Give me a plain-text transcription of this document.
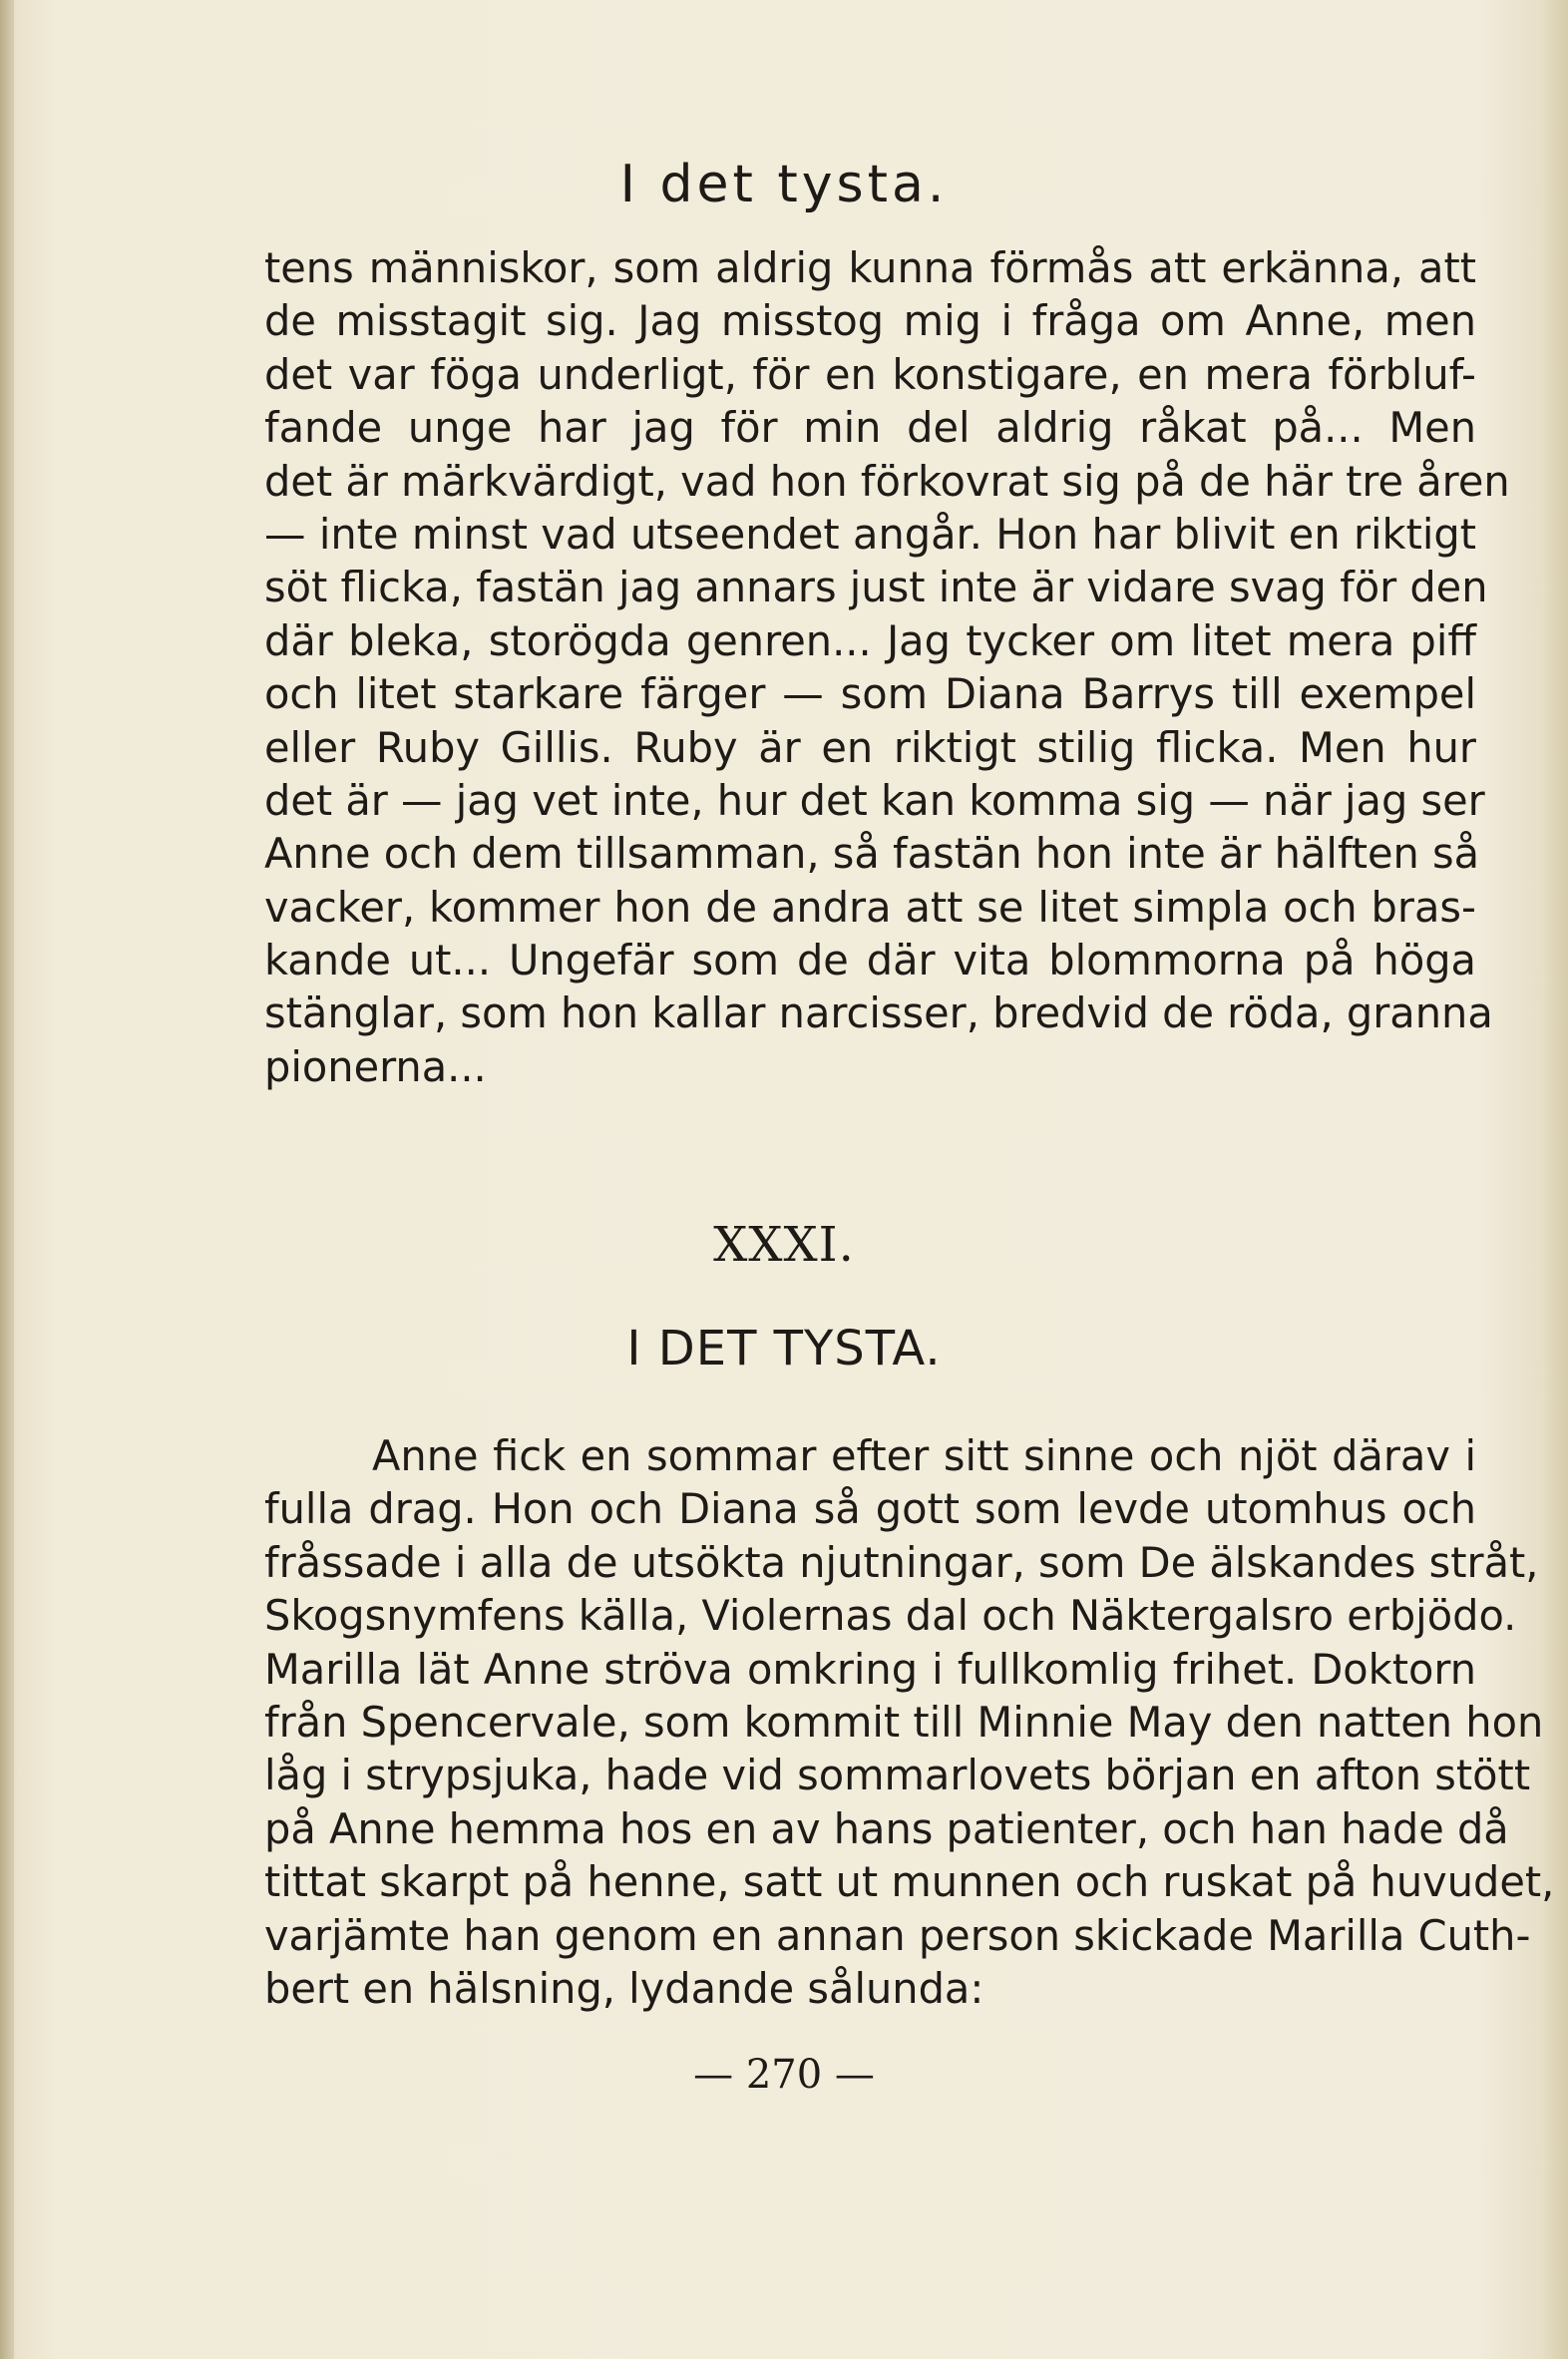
I det tysta.
tens människor, som aldrig kunna förmås att erkänna, att
de misstagit sig. Jag misstog mig i fråga om Anne, men
det var föga underligt, för en konstigare, en mera förbluf-
fande unge har jag för min del aldrig råkat på... Men
det är märkvärdigt, vad hon förkovrat sig på de här tre åren
— inte minst vad utseendet angår. Hon har blivit en riktigt
söt flicka, fastän jag annars just inte är vidare svag för den
där bleka, storögda genren... Jag tycker om litet mera piff
och litet starkare färger — som Diana Barrys till exempel
eller Ruby Gillis. Ruby är en riktigt stilig flicka. Men hur
det är — jag vet inte, hur det kan komma sig — när jag ser
Anne och dem tillsamman, så fastän hon inte är hälften så
vacker, kommer hon de andra att se litet simpla och bras-
kande ut... Ungefär som de där vita blommorna på höga
stänglar, som hon kallar narcisser, bredvid de röda, granna
pionerna...
XXXI.
I DET TYSTA.
Anne fick en sommar efter sitt sinne och njöt därav i
fulla drag. Hon och Diana så gott som levde utomhus och
fråssade i alla de utsökta njutningar, som De älskandes stråt,
Skogsnymfens källa, Violernas dal och Näktergalsro erbjödo.
Marilla lät Anne ströva omkring i fullkomlig frihet. Doktorn
från Spencervale, som kommit till Minnie May den natten hon
låg i strypsjuka, hade vid sommarlovets början en afton stött
på Anne hemma hos en av hans patienter, och han hade då
tittat skarpt på henne, satt ut munnen och ruskat på huvudet,
varjämte han genom en annan person skickade Marilla Cuth-
bert en hälsning, lydande sålunda:
— 270 —
